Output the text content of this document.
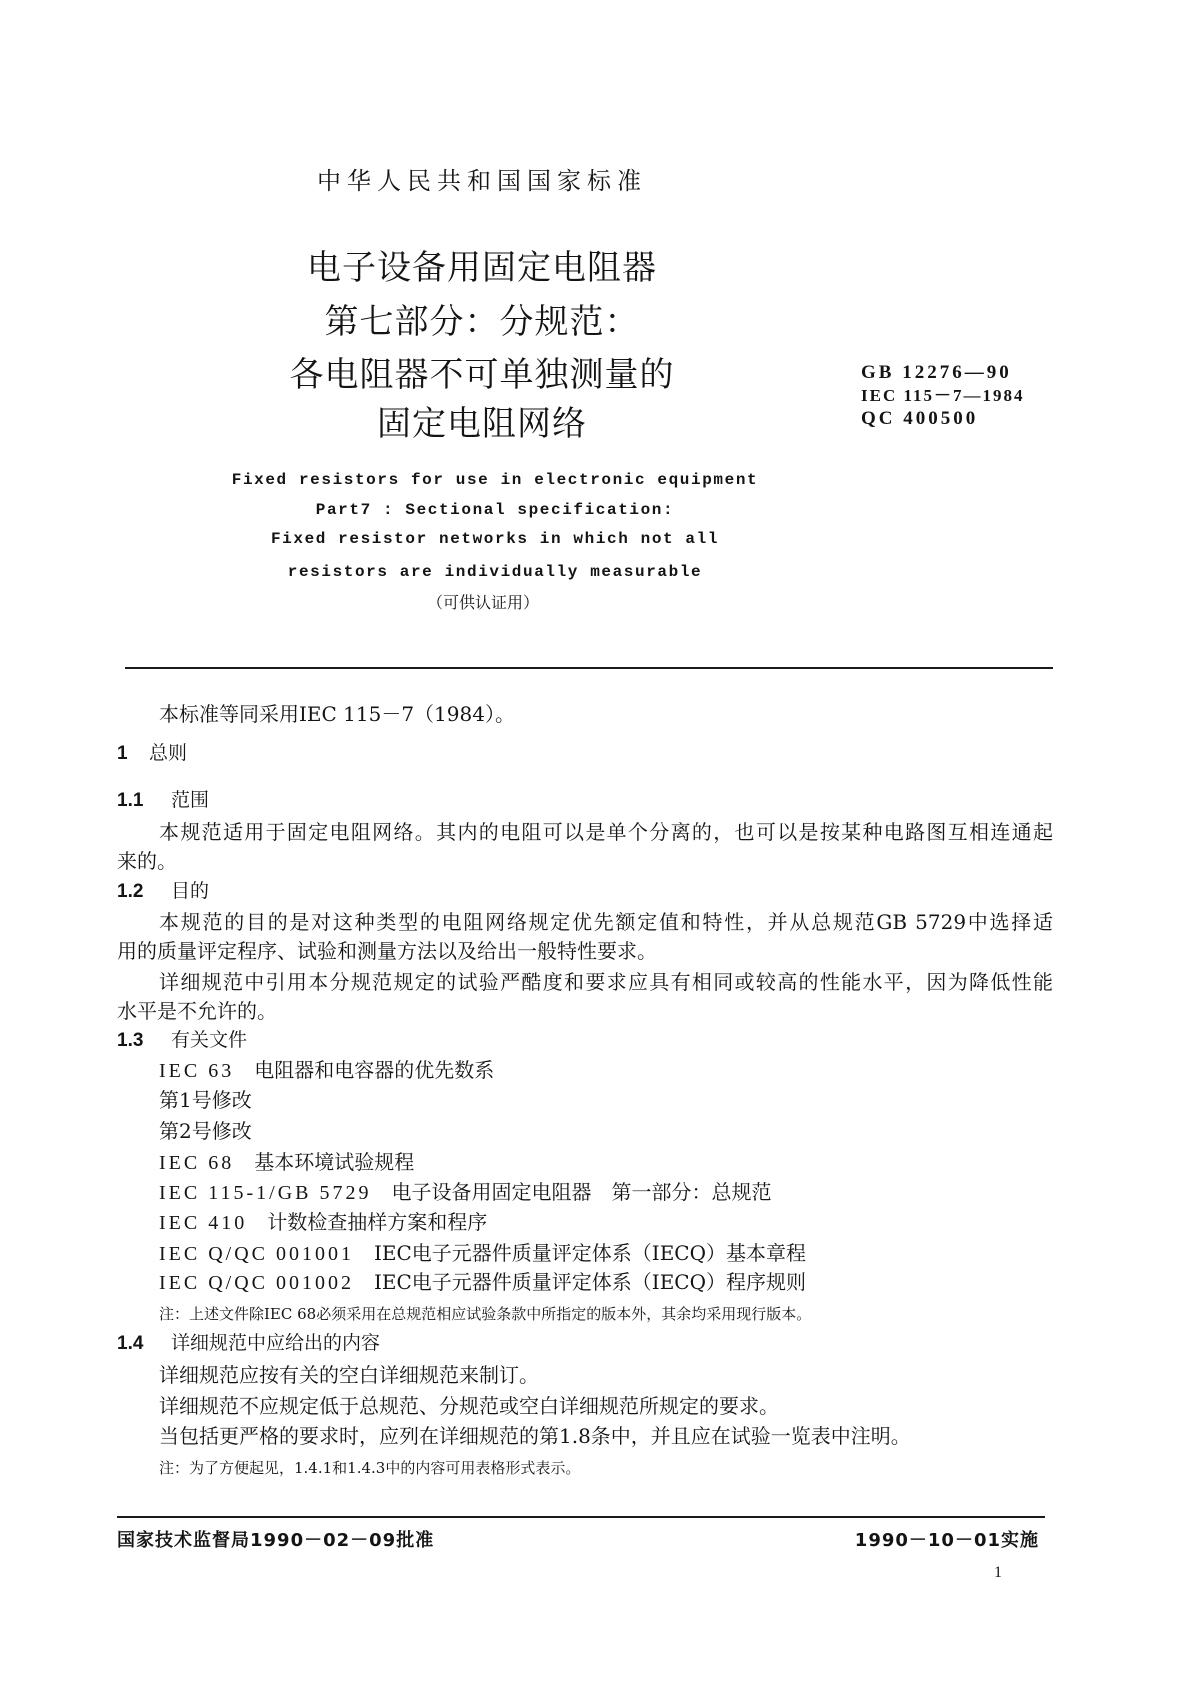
中华人民共和国国家标准
电子设备用固定电阻器
第七部分：分规范：
各电阻器不可单独测量的
固定电阻网络
GB 12276—90
IEC 115－7—1984
QC 400500
Fixed resistors for use in electronic equipment
Part7 : Sectional specification:
Fixed resistor networks in which not all
resistors are individually measurable
（可供认证用）
本标准等同采用IEC 115－7（1984）。
1 总则
1.1 范围
本规范适用于固定电阻网络。其内的电阻可以是单个分离的，也可以是按某种电路图互相连通起
来的。
1.2 目的
本规范的目的是对这种类型的电阻网络规定优先额定值和特性，并从总规范GB 5729中选择适
用的质量评定程序、试验和测量方法以及给出一般特性要求。
详细规范中引用本分规范规定的试验严酷度和要求应具有相同或较高的性能水平，因为降低性能
水平是不允许的。
1.3 有关文件
IEC 63 电阻器和电容器的优先数系
第1号修改
第2号修改
IEC 68 基本环境试验规程
IEC 115-1/GB 5729 电子设备用固定电阻器　第一部分：总规范
IEC 410 计数检查抽样方案和程序
IEC Q/QC 001001 IEC电子元器件质量评定体系（IECQ）基本章程
IEC Q/QC 001002 IEC电子元器件质量评定体系（IECQ）程序规则
注：上述文件除IEC 68必须采用在总规范相应试验条款中所指定的版本外，其余均采用现行版本。
1.4 详细规范中应给出的内容
详细规范应按有关的空白详细规范来制订。
详细规范不应规定低于总规范、分规范或空白详细规范所规定的要求。
当包括更严格的要求时，应列在详细规范的第1.8条中，并且应在试验一览表中注明。
注：为了方便起见，1.4.1和1.4.3中的内容可用表格形式表示。
国家技术监督局1990－02－09批准	1990－10－01实施
1
